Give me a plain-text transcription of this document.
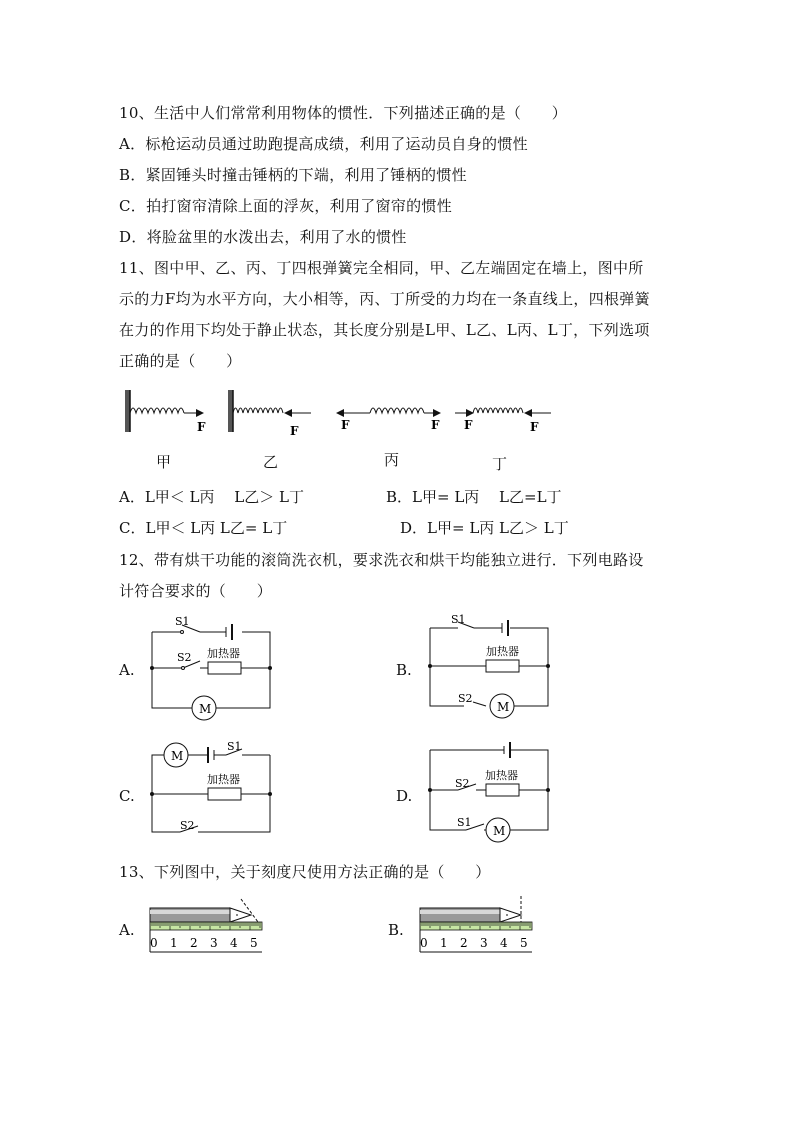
10、生活中人们常常利用物体的惯性．下列描述正确的是（　　）
A．标枪运动员通过助跑提高成绩，利用了运动员自身的惯性
B．紧固锤头时撞击锤柄的下端，利用了锤柄的惯性
C．拍打窗帘清除上面的浮灰，利用了窗帘的惯性
D．将脸盆里的水泼出去，利用了水的惯性
11、图中甲、乙、丙、丁四根弹簧完全相同，甲、乙左端固定在墙上，图中所
示的力F均为水平方向，大小相等，丙、丁所受的力均在一条直线上，四根弹簧
在力的作用下均处于静止状态，其长度分别是L甲、L乙、L丙、L丁，下列选项
正确的是（　　）
F	F	F	F F	F
甲	乙	丙	丁
A．L甲＜ L丙　 L乙＞ L丁	B．L甲= L丙　 L乙=L丁
C．L甲＜ L丙 L乙= L丁	D．L甲= L丙 L乙＞ L丁
12、带有烘干功能的滚筒洗衣机，要求洗衣和烘干均能独立进行．下列电路设
计符合要求的（　　）
A.	B.
C.	D.
S1
S2 加热器
M
S1
S2
加热器
M
M
S1
S2
加热器	S2
S1
加热器
M
13、下列图中，关于刻度尺使用方法正确的是（　　）
A.	B.
0 1 2 3 4 5	0 1 2 3 4 5
